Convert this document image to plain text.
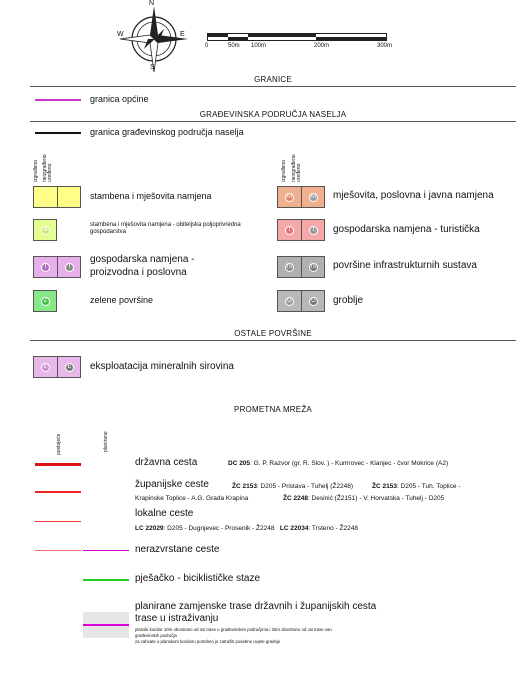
N
S
W	E
0	50m 100m	200m	300m
GRANICE
granica općine
GRAĐEVINSKA PODRUČJA NASELJA
granica građevinskog područja naselja
izgrađeno neizgrađeno uređeno	izgrađeno neizgrađeno uređeno
stambena i mješovita namjena
⊕
stambena i mješovita namjena - obiteljska poljoprivredna gospodarstva
I	I
gospodarska namjena - proizvodna i poslovna
Z	zelene površine
M	M mješovita, poslovna i javna namjena
T	T gospodarska namjena - turistička
IS	IS površine infrastrukturnih sustava
G	G groblje
OSTALE POVRŠINE
E	E eksploatacija mineralnih sirovina
PROMETNA MREŽA
postojeće	planirano
državna cesta	DC 205: G. P. Razvor (gr. R. Slov. ) - Kumrovec - Klanjec - čvor Mokrice (A2)
županijske ceste	ŽC 2153: D205 - Pristava - Tuhelj (Ž2248)	ŽC 2153: D205 - Tuh. Toplice -
Krapinske Toplice - A.G. Grada Krapina	ŽC 2248: Desinić (Ž2151) - V. Horvatska - Tuhelj - D205
lokalne ceste
LC 22029: D205 - Dugnjevec - Prosenik - Ž2248 LC 22034: Trsteno - Ž2248
nerazvrstane ceste
pješačko - biciklističke staze
planirane zamjenske trase državnih i županijskih cesta
trase u istraživanju
planski koridor 10m obostrano od osi trase u građevinskim područjima i 25m obostrano od osi trase van
građevinskih područja
za zahvate u planskom koridoru potrebno je zatražiti posebne uvjete gradnje
